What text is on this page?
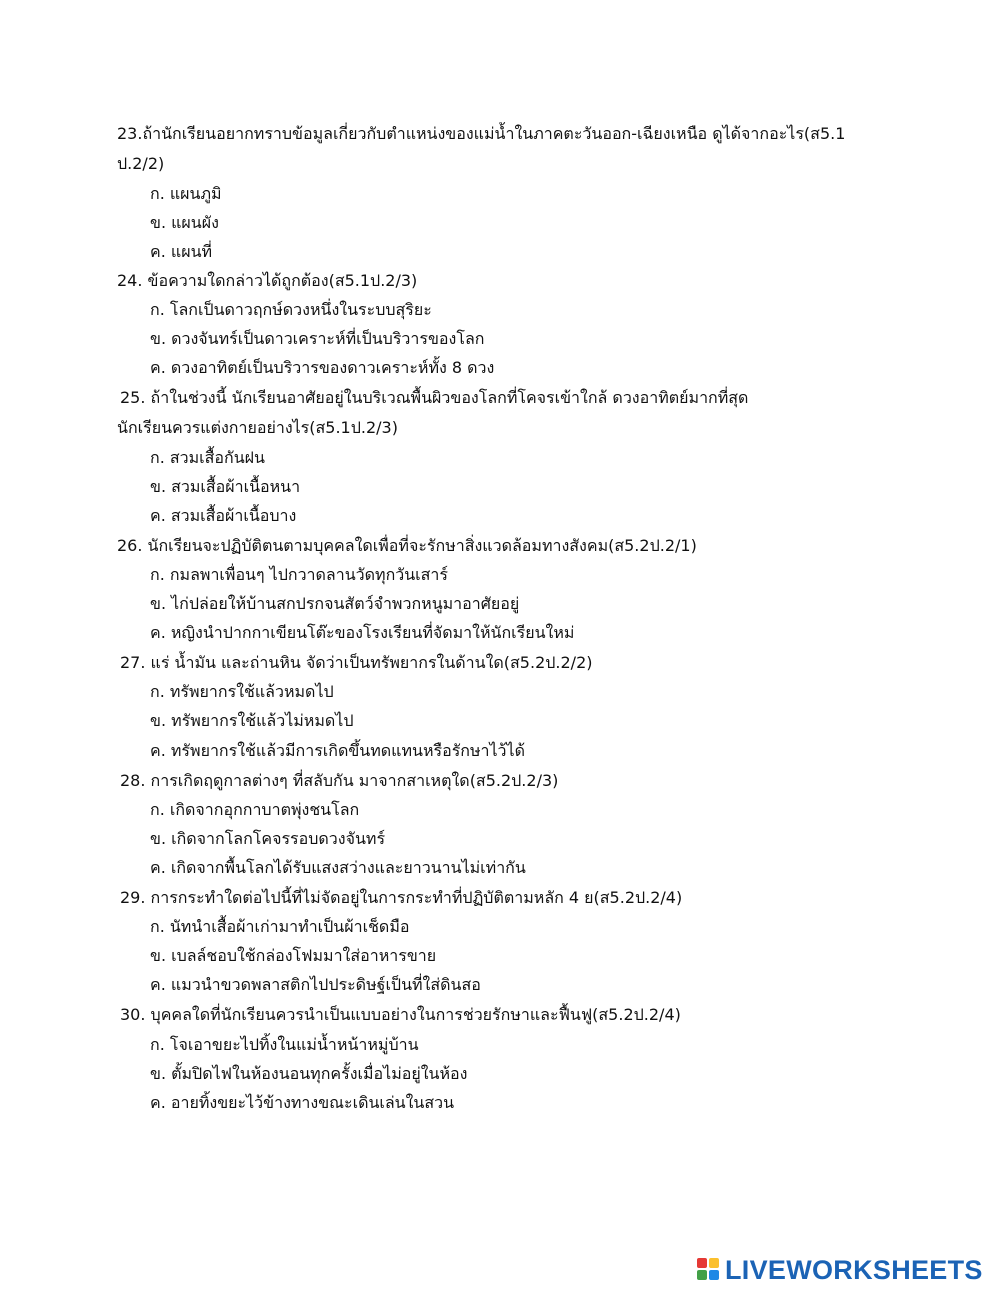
23.ถ้านักเรียนอยากทราบข้อมูลเกี่ยวกับตำแหน่งของแม่น้ำในภาคตะวันออก-เฉียงเหนือ ดูได้จากอะไร(ส5.1
ป.2/2)
ก. แผนภูมิ
ข. แผนผัง
ค. แผนที่
24. ข้อความใดกล่าวได้ถูกต้อง(ส5.1ป.2/3)
ก. โลกเป็นดาวฤกษ์ดวงหนึ่งในระบบสุริยะ
ข. ดวงจันทร์เป็นดาวเคราะห์ที่เป็นบริวารของโลก
ค. ดวงอาทิตย์เป็นบริวารของดาวเคราะห์ทั้ง 8 ดวง
25. ถ้าในช่วงนี้ นักเรียนอาศัยอยู่ในบริเวณพื้นผิวของโลกที่โคจรเข้าใกล้ ดวงอาทิตย์มากที่สุด
นักเรียนควรแต่งกายอย่างไร(ส5.1ป.2/3)
ก. สวมเสื้อกันฝน
ข. สวมเสื้อผ้าเนื้อหนา
ค. สวมเสื้อผ้าเนื้อบาง
26. นักเรียนจะปฏิบัติตนตามบุคคลใดเพื่อที่จะรักษาสิ่งแวดล้อมทางสังคม(ส5.2ป.2/1)
ก. กมลพาเพื่อนๆ ไปกวาดลานวัดทุกวันเสาร์
ข. ไก่ปล่อยให้บ้านสกปรกจนสัตว์จำพวกหนูมาอาศัยอยู่
ค. หญิงนำปากกาเขียนโต๊ะของโรงเรียนที่จัดมาให้นักเรียนใหม่
27. แร่ น้ำมัน และถ่านหิน จัดว่าเป็นทรัพยากรในด้านใด(ส5.2ป.2/2)
ก. ทรัพยากรใช้แล้วหมดไป
ข. ทรัพยากรใช้แล้วไม่หมดไป
ค. ทรัพยากรใช้แล้วมีการเกิดขึ้นทดแทนหรือรักษาไว้ได้
28. การเกิดฤดูกาลต่างๆ ที่สลับกัน มาจากสาเหตุใด(ส5.2ป.2/3)
ก. เกิดจากอุกกาบาตพุ่งชนโลก
ข. เกิดจากโลกโคจรรอบดวงจันทร์
ค. เกิดจากพื้นโลกได้รับแสงสว่างและยาวนานไม่เท่ากัน
29. การกระทำใดต่อไปนี้ที่ไม่จัดอยู่ในการกระทำที่ปฏิบัติตามหลัก 4 ย(ส5.2ป.2/4)
ก. นัทนำเสื้อผ้าเก่ามาทำเป็นผ้าเช็ดมือ
ข. เบลล์ชอบใช้กล่องโฟมมาใส่อาหารขาย
ค. แมวนำขวดพลาสติกไปประดิษฐ์เป็นที่ใส่ดินสอ
30. บุคคลใดที่นักเรียนควรนำเป็นแบบอย่างในการช่วยรักษาและฟื้นฟู(ส5.2ป.2/4)
ก. โจเอาขยะไปทิ้งในแม่น้ำหน้าหมู่บ้าน
ข. ตั้มปิดไฟในห้องนอนทุกครั้งเมื่อไม่อยู่ในห้อง
ค. อายทิ้งขยะไว้ข้างทางขณะเดินเล่นในสวน
LIVEWORKSHEETS
